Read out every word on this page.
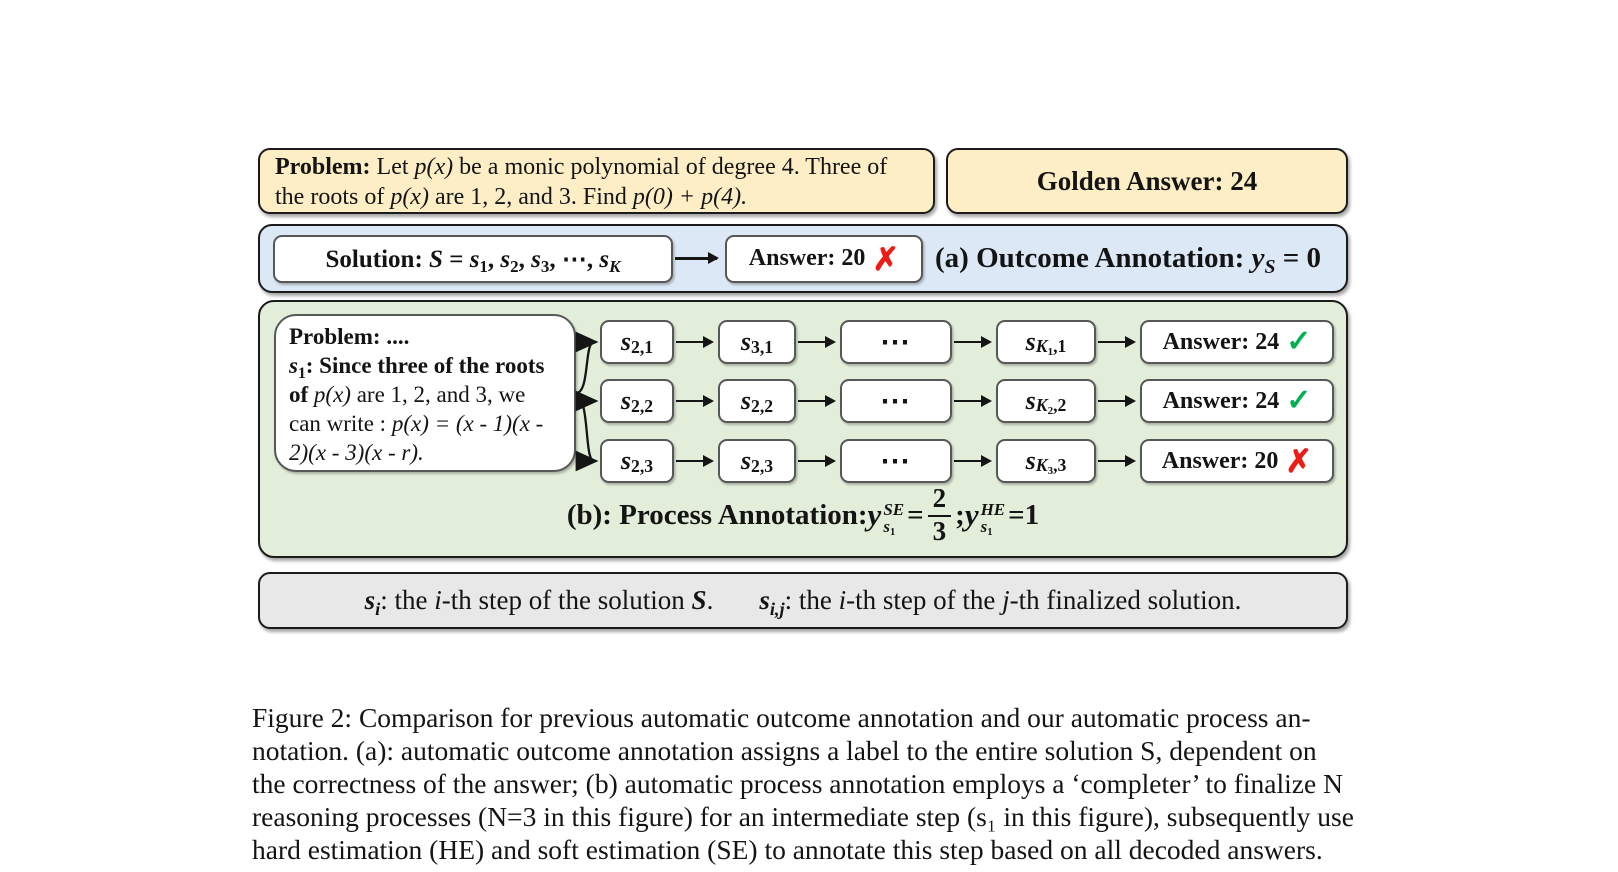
Problem: Let p(x) be a monic polynomial of degree 4. Three of the roots of p(x) are 1, 2, and 3. Find p(0) + p(4).
Golden Answer: 24
Solution: $S = s_1$, $s_2$, $s_3$, ⋯, $s_K$	Answer: 20 ✗	(a) Outcome Annotation: $y_S = 0$
Problem: ....
$s_1$: Since three of the roots of p(x) are 1, 2, and 3, we can write : p(x) = (x - 1)(x - 2)(x - 3)(x - r).
s 2,1	s 3,1	⋯	s K1,1	Answer: 24 ✓
s 2,2	s 2,2	⋯	s K2,2	Answer: 24 ✓
s 2,3	s 2,3	⋯	s K3,3	Answer: 20 ✗
(b): Process Annotation: y SE
s1
= $\frac{2}{3}$ ; y HE
s1
= 1
$s_i$: the i-th step of the solution S. $s_{i,j}$: the i-th step of the j-th finalized solution.
Figure 2: Comparison for previous automatic outcome annotation and our automatic process an-
notation. (a): automatic outcome annotation assigns a label to the entire solution S, dependent on
the correctness of the answer; (b) automatic process annotation employs a ‘completer’ to finalize N
reasoning processes (N=3 in this figure) for an intermediate step (s₁ in this figure), subsequently use
hard estimation (HE) and soft estimation (SE) to annotate this step based on all decoded answers.
